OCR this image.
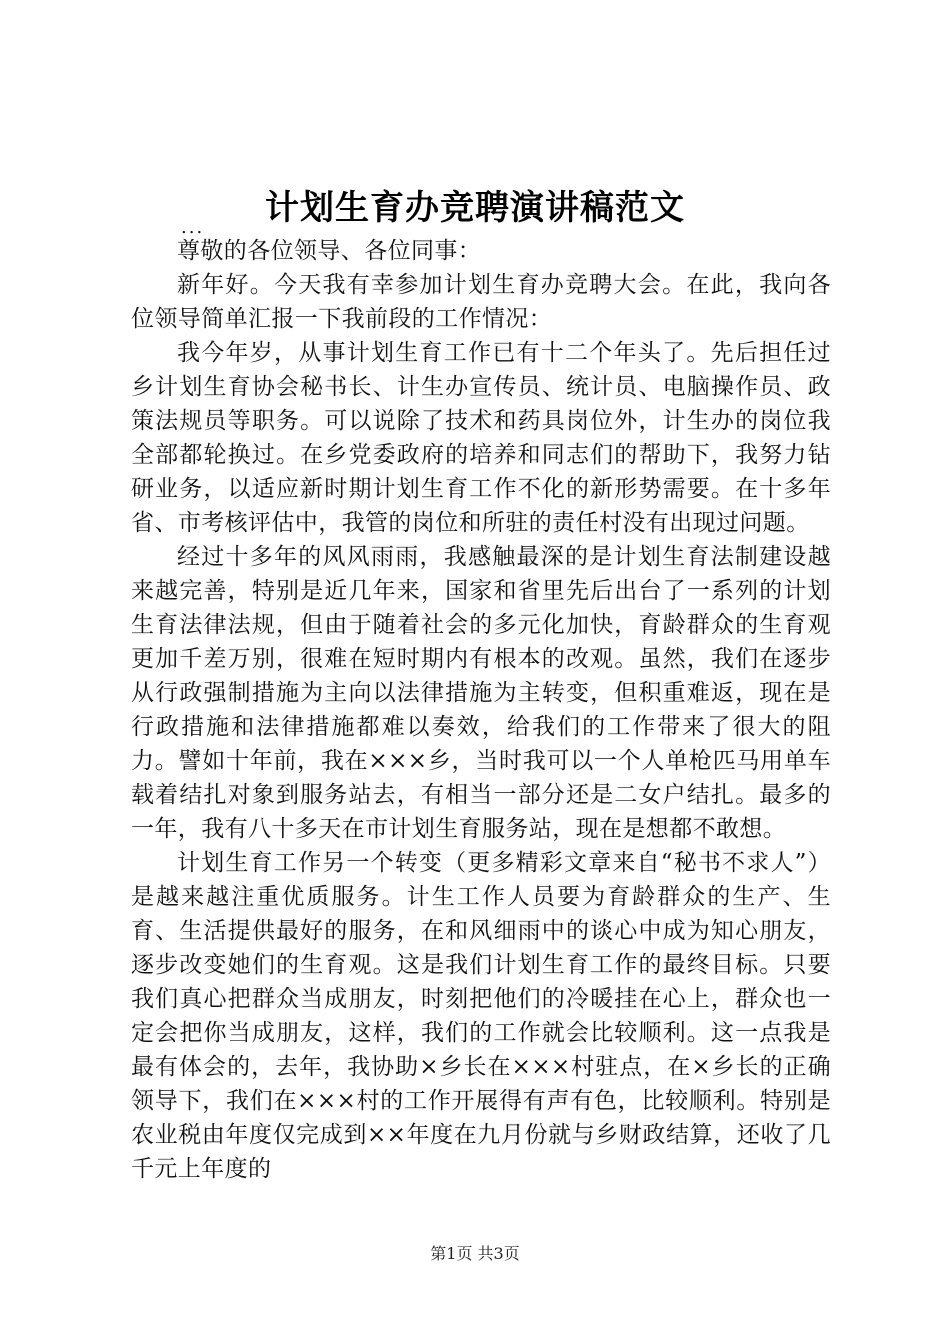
计划生育办竞聘演讲稿范文
...

尊敬的各位领导、各位同事：

新年好。今天我有幸参加计划生育办竞聘大会。在此，我向各位领导简单汇报一下我前段的工作情况：

我今年岁，从事计划生育工作已有十二个年头了。先后担任过乡计划生育协会秘书长、计生办宣传员、统计员、电脑操作员、政策法规员等职务。可以说除了技术和药具岗位外，计生办的岗位我全部都轮换过。在乡党委政府的培养和同志们的帮助下，我努力钻研业务，以适应新时期计划生育工作不化的新形势需要。在十多年省、市考核评估中，我管的岗位和所驻的责任村没有出现过问题。

经过十多年的风风雨雨，我感触最深的是计划生育法制建设越来越完善，特别是近几年来，国家和省里先后出台了一系列的计划生育法律法规，但由于随着社会的多元化加快，育龄群众的生育观更加千差万别，很难在短时期内有根本的改观。虽然，我们在逐步从行政强制措施为主向以法律措施为主转变，但积重难返，现在是行政措施和法律措施都难以奏效，给我们的工作带来了很大的阻力。譬如十年前，我在×××乡，当时我可以一个人单枪匹马用单车载着结扎对象到服务站去，有相当一部分还是二女户结扎。最多的一年，我有八十多天在市计划生育服务站，现在是想都不敢想。

计划生育工作另一个转变（更多精彩文章来自“秘书不求人”）是越来越注重优质服务。计生工作人员要为育龄群众的生产、生育、生活提供最好的服务，在和风细雨中的谈心中成为知心朋友，逐步改变她们的生育观。这是我们计划生育工作的最终目标。只要我们真心把群众当成朋友，时刻把他们的冷暖挂在心上，群众也一定会把你当成朋友，这样，我们的工作就会比较顺利。这一点我是最有体会的，去年，我协助×乡长在×××村驻点，在×乡长的正确领导下，我们在×××村的工作开展得有声有色，比较顺利。特别是农业税由年度仅完成到××年度在九月份就与乡财政结算，还收了几千元上年度的

第1页 共3页
